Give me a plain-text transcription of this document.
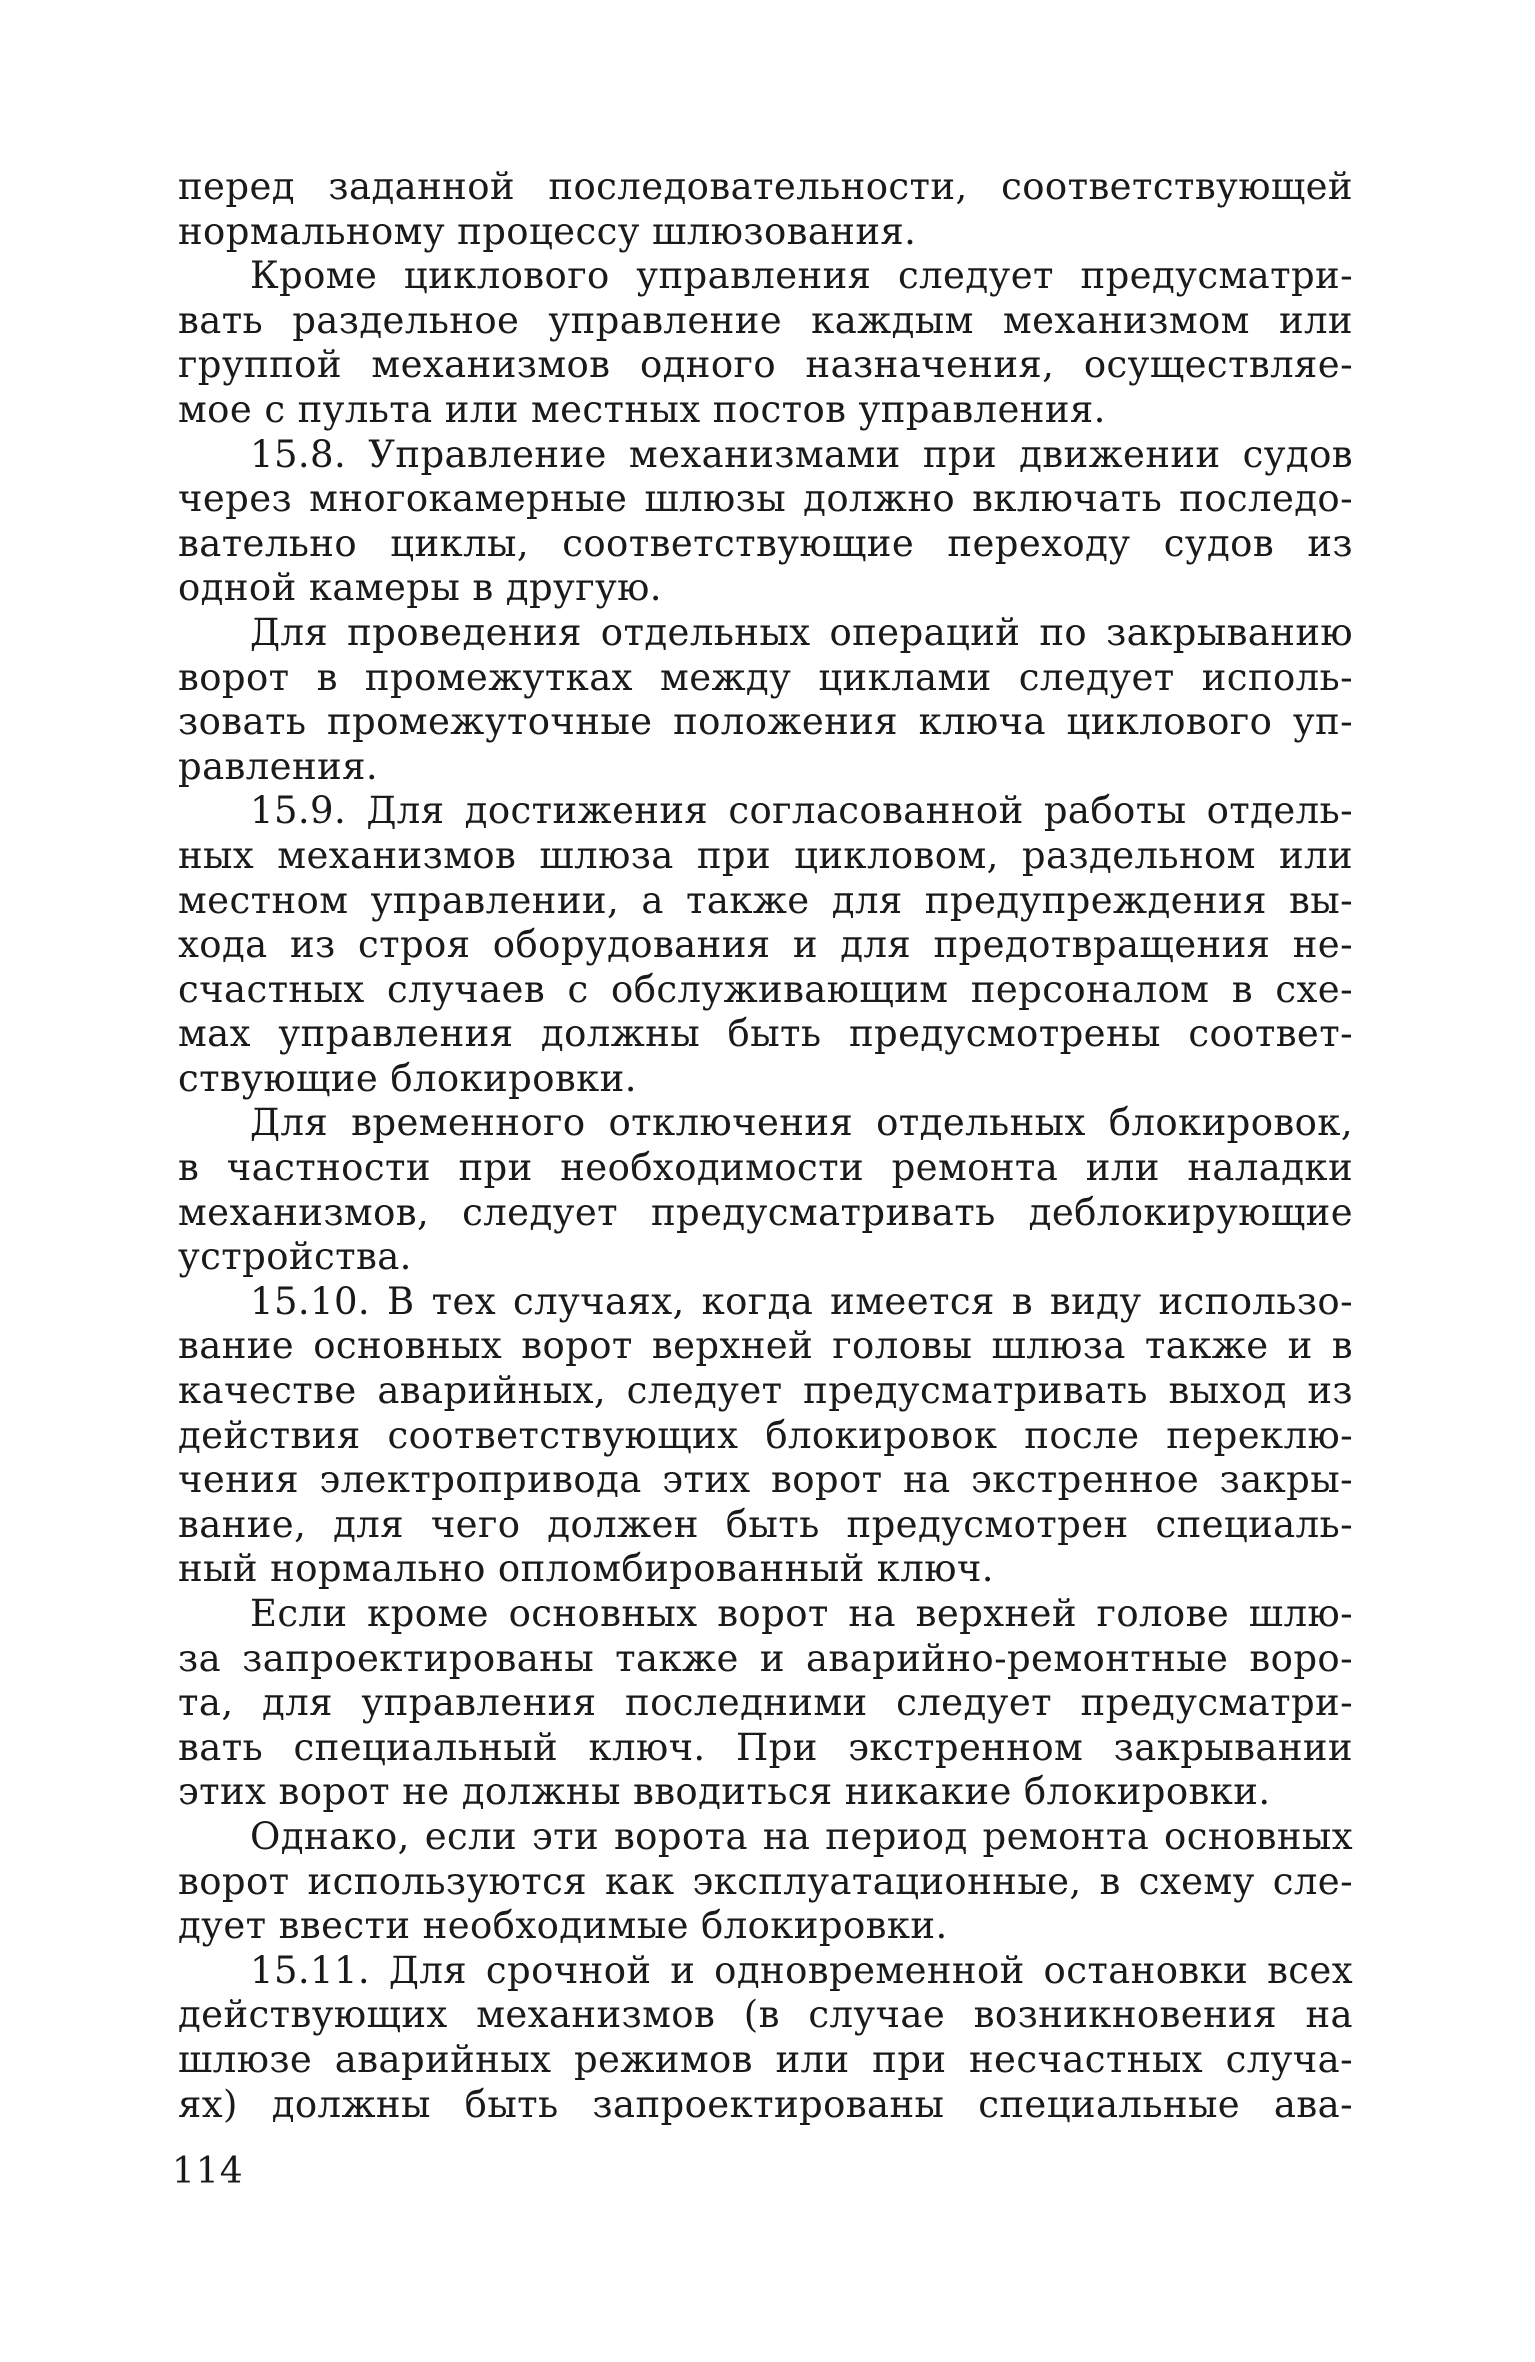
перед заданной последовательности, соответствующей
нормальному процессу шлюзования.
Кроме циклового управления следует предусматри-
вать раздельное управление каждым механизмом или
группой механизмов одного назначения, осуществляе-
мое с пульта или местных постов управления.
15.8. Управление механизмами при движении судов
через многокамерные шлюзы должно включать последо-
вательно циклы, соответствующие переходу судов из
одной камеры в другую.
Для проведения отдельных операций по закрыванию
ворот в промежутках между циклами следует исполь-
зовать промежуточные положения ключа циклового уп-
равления.
15.9. Для достижения согласованной работы отдель-
ных механизмов шлюза при цикловом, раздельном или
местном управлении, а также для предупреждения вы-
хода из строя оборудования и для предотвращения не-
счастных случаев с обслуживающим персоналом в схе-
мах управления должны быть предусмотрены соответ-
ствующие блокировки.
Для временного отключения отдельных блокировок,
в частности при необходимости ремонта или наладки
механизмов, следует предусматривать деблокирующие
устройства.
15.10. В тех случаях, когда имеется в виду использо-
вание основных ворот верхней головы шлюза также и в
качестве аварийных, следует предусматривать выход из
действия соответствующих блокировок после переклю-
чения электропривода этих ворот на экстренное закры-
вание, для чего должен быть предусмотрен специаль-
ный нормально опломбированный ключ.
Если кроме основных ворот на верхней голове шлю-
за запроектированы также и аварийно-ремонтные воро-
та, для управления последними следует предусматри-
вать специальный ключ. При экстренном закрывании
этих ворот не должны вводиться никакие блокировки.
Однако, если эти ворота на период ремонта основных
ворот используются как эксплуатационные, в схему сле-
дует ввести необходимые блокировки.
15.11. Для срочной и одновременной остановки всех
действующих механизмов (в случае возникновения на
шлюзе аварийных режимов или при несчастных случа-
ях) должны быть запроектированы специальные ава-
114
